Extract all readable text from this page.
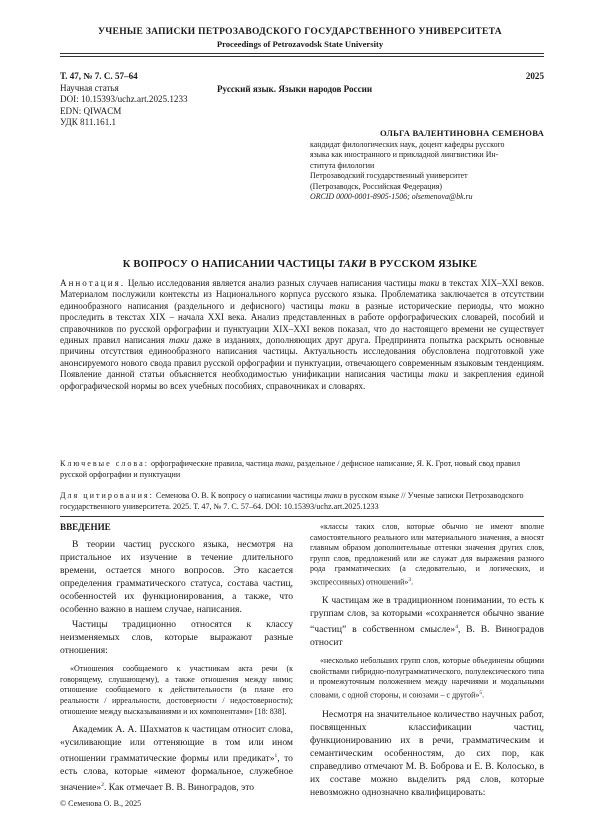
УЧЕНЫЕ ЗАПИСКИ ПЕТРОЗАВОДСКОГО ГОСУДАРСТВЕННОГО УНИВЕРСИТЕТА
Proceedings of Petrozavodsk State University
Т. 47, № 7. С. 57–64
Научная статья
DOI: 10.15393/uchz.art.2025.1233
EDN: QIWACM
УДК 811.161.1
2025
Русский язык. Языки народов России
ОЛЬГА ВАЛЕНТИНОВНА СЕМЕНОВА
кандидат филологических наук, доцент кафедры русского
языка как иностранного и прикладной лингвистики Ин-
ститута филологии
Петрозаводский государственный университет
(Петрозаводск, Российская Федерация)
ORCID 0000-0001-8905-1506; olsemenova@bk.ru
К ВОПРОСУ О НАПИСАНИИ ЧАСТИЦЫ ТАКИ В РУССКОМ ЯЗЫКЕ
Аннотация. Целью исследования является анализ разных случаев написания частицы таки в текстах XIX–XXI веков. Материалом послужили контексты из Национального корпуса русского языка. Проблематика заключается в отсутствии единообразного написания (раздельного и дефисного) частицы таки в разные исторические периоды, что можно проследить в текстах XIX – начала XXI века. Анализ представленных в работе орфографических словарей, пособий и справочников по русской орфографии и пунктуации XIX–XXI веков показал, что до настоящего времени не существует единых правил написания таки даже в изданиях, дополняющих друг друга. Предпринята попытка раскрыть основные причины отсутствия единообразного написания частицы. Актуальность исследования обусловлена подготовкой уже анонсируемого нового свода правил русской орфографии и пунктуации, отвечающего современным языковым тенденциям. Появление данной статьи объясняется необходимостью унификации написания частицы таки и закрепления единой орфографической нормы во всех учебных пособиях, справочниках и словарях.
Ключевые слова: орфографические правила, частица таки, раздельное / дефисное написание, Я. К. Грот, новый свод правил русской орфографии и пунктуации
Для цитирования: Семенова О. В. К вопросу о написании частицы таки в русском языке // Ученые записки Петрозаводского государственного университета. 2025. Т. 47, № 7. С. 57–64. DOI: 10.15393/uchz.art.2025.1233
ВВЕДЕНИЕ

В теории частиц русского языка, несмотря на пристальное их изучение в течение длительного времени, остается много вопросов. Это касается определения грамматического статуса, состава частиц, особенностей их функционирования, а также, что особенно важно в нашем случае, написания.

Частицы традиционно относятся к классу неизменяемых слов, которые выражают разные отношения:

«Отношения сообщаемого к участникам акта речи (к говорящему, слушающему), а также отношения между ними; отношение сообщаемого к действительности (в плане его реальности / ирреальности, достоверности / недостоверности); отношение между высказываниями и их компонентами» [18: 838].

Академик А. А. Шахматов к частицам относит слова, «усиливающие или оттеняющие в том или ином отношении грамматические формы или предикат»$^1$, то есть слова, которые «имеют формальное, служебное значение»$^2$. Как отмечает В. В. Виноградов, это

«классы таких слов, которые обычно не имеют вполне самостоятельного реального или материального значения, а вносят главным образом дополнительные оттенки значения других слов, групп слов, предложений или же служат для выражения разного рода грамматических (а следовательно, и логических, и экспрессивных) отношений»$^3$.

К частицам же в традиционном понимании, то есть к группам слов, за которыми «сохраняется обычно звание “частиц” в собственном смысле»$^4$, В. В. Виноградов относит

«несколько небольших групп слов, которые объединены общими свойствами гибридно-полуграмматического, полулексического типа и промежуточным положением между наречиями и модальными словами, с одной стороны, и союзами – с другой»$^5$.

Несмотря на значительное количество научных работ, посвященных классификации частиц, функционированию их в речи, грамматическим и семантическим особенностям, до сих пор, как справедливо отмечают М. В. Боброва и Е. В. Колосько, в их составе можно выделить ряд слов, которые невозможно однозначно квалифицировать:

© Семенова О. В., 2025
